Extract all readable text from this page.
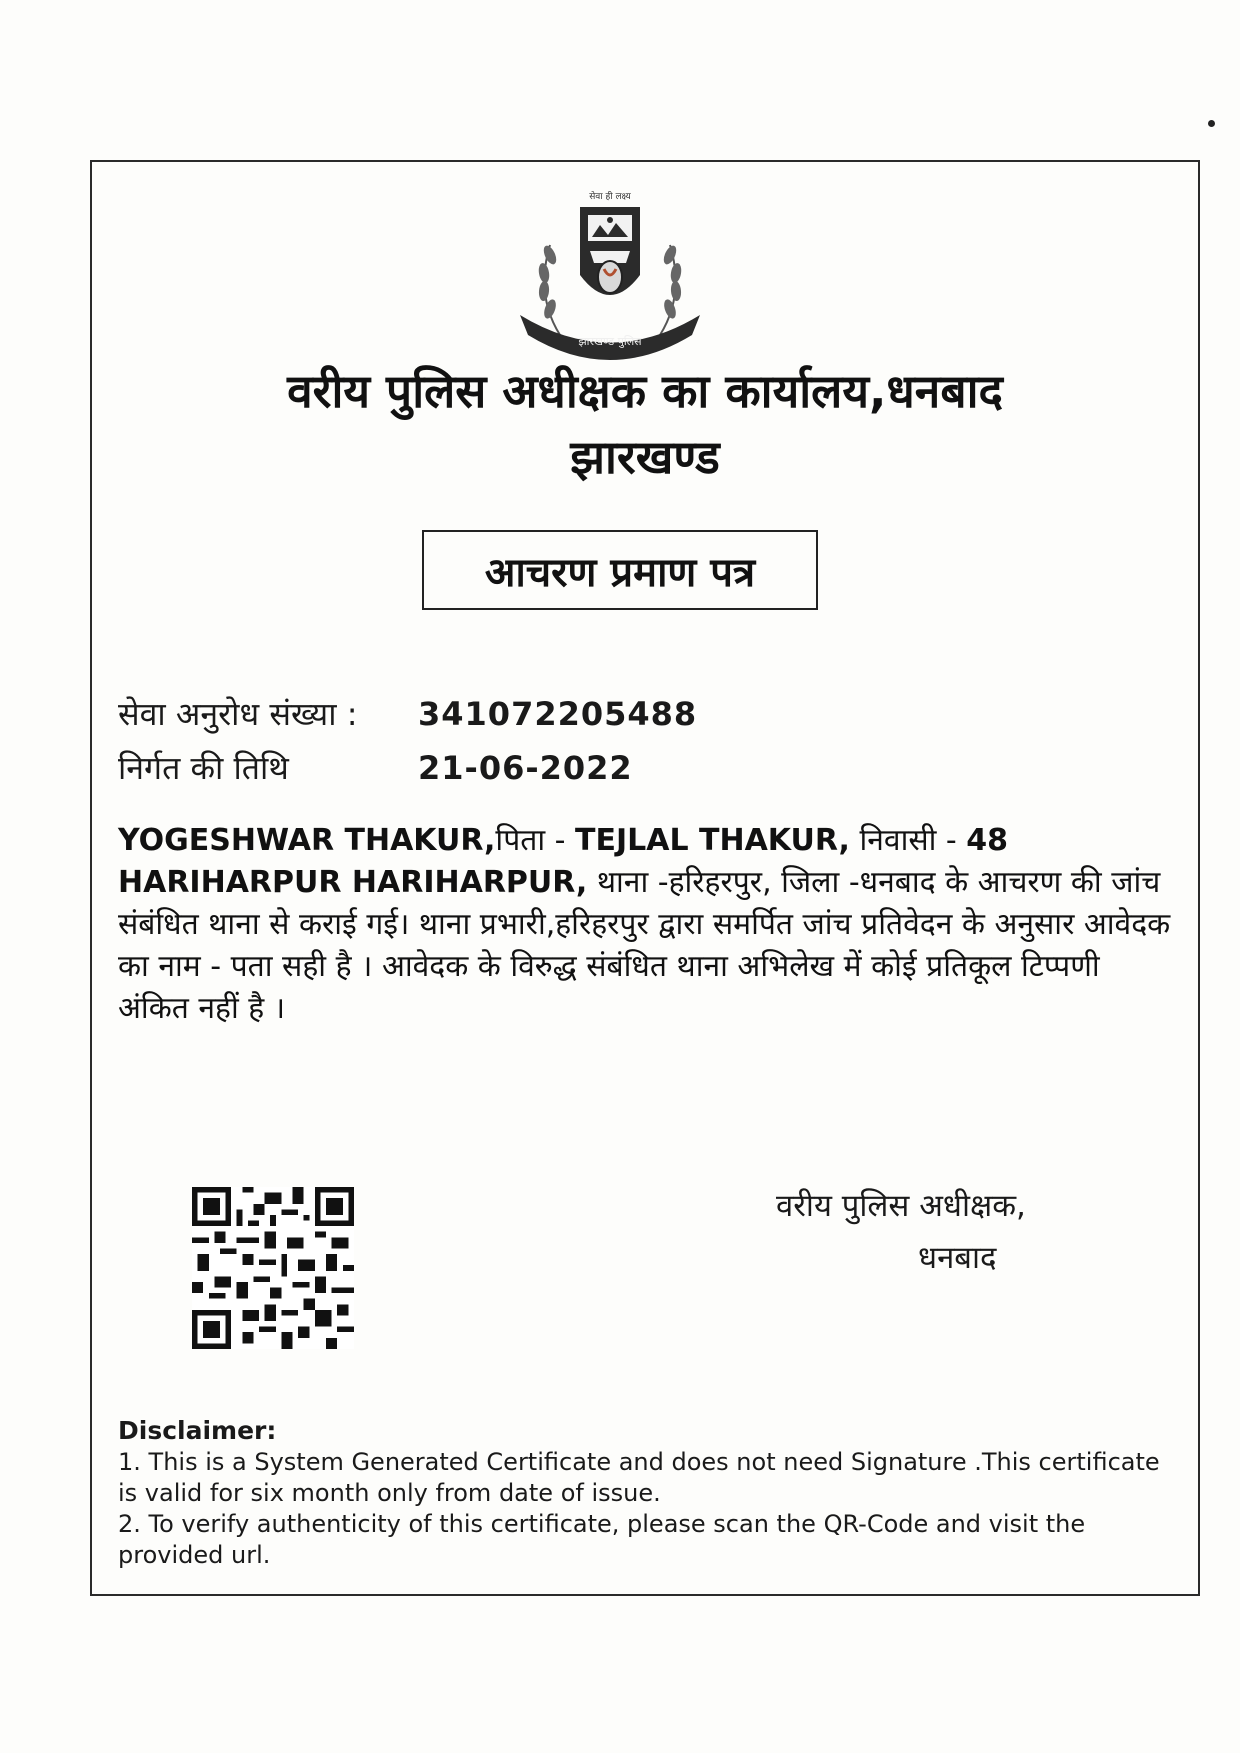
सेवा ही लक्ष्य
झारखण्ड पुलिस
वरीय पुलिस अधीक्षक का कार्यालय,धनबाद
झारखण्ड
आचरण प्रमाण पत्र
सेवा अनुरोध संख्या : 341072205488
निर्गत की तिथि	21-06-2022

YOGESHWAR THAKUR,पिता - TEJLAL THAKUR, निवासी - 48 HARIHARPUR HARIHARPUR, थाना -हरिहरपुर, जिला -धनबाद के आचरण की जांच संबंधित थाना से कराई गई। थाना प्रभारी,हरिहरपुर द्वारा समर्पित जांच प्रतिवेदन के अनुसार आवेदक का नाम - पता सही है । आवेदक के विरुद्ध संबंधित थाना अभिलेख में कोई प्रतिकूल टिप्पणी अंकित नहीं है ।

वरीय पुलिस अधीक्षक,
धनबाद
Disclaimer:

1. This is a System Generated Certificate and does not need Signature .This certificate is valid for six month only from date of issue.

2. To verify authenticity of this certificate, please scan the QR-Code and visit the provided url.
